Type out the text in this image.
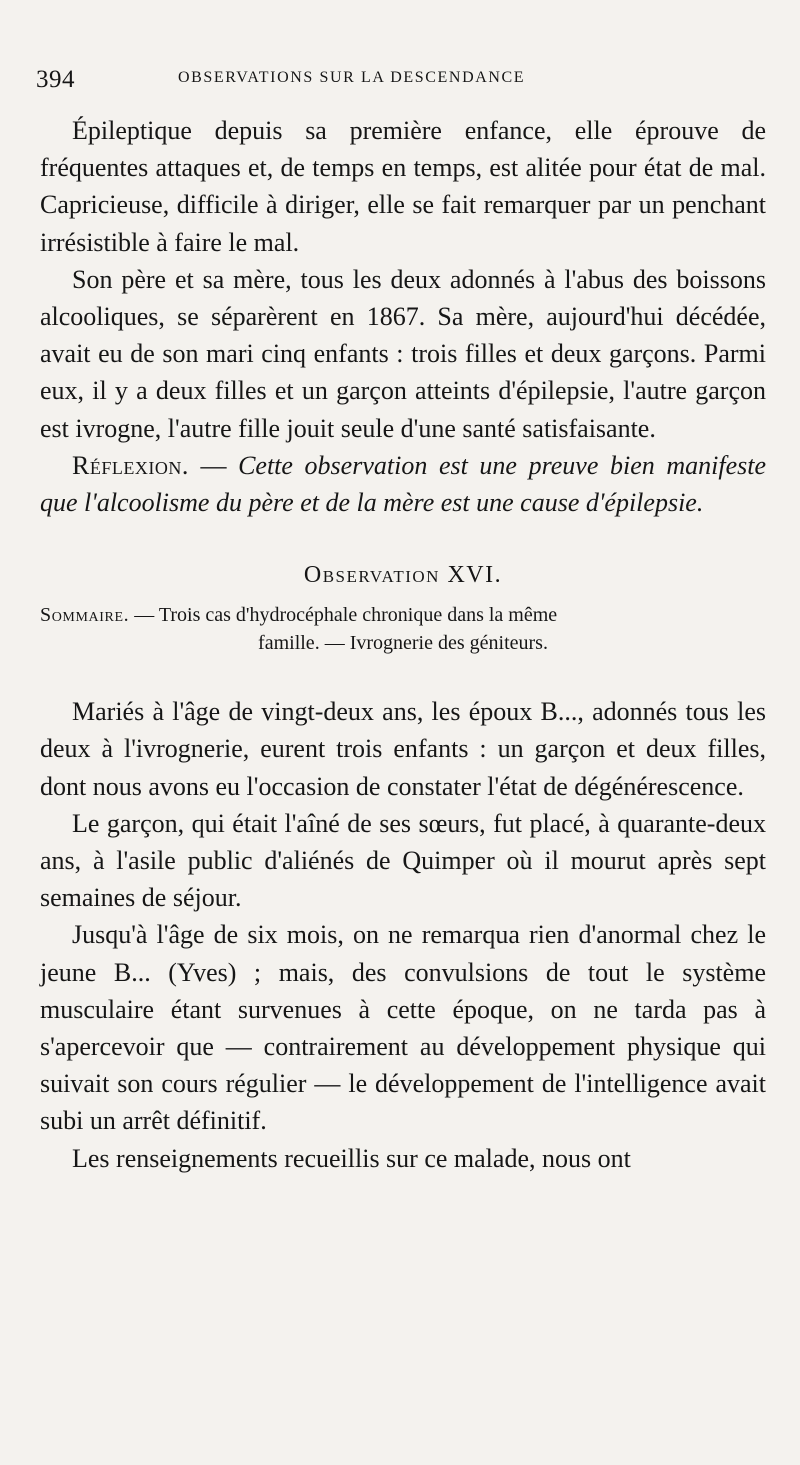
394	OBSERVATIONS SUR LA DESCENDANCE

Épileptique depuis sa première enfance, elle éprouve de fréquentes attaques et, de temps en temps, est alitée pour état de mal. Capricieuse, difficile à diriger, elle se fait remarquer par un penchant irrésistible à faire le mal.

Son père et sa mère, tous les deux adonnés à l'abus des boissons alcooliques, se séparèrent en 1867. Sa mère, aujourd'hui décédée, avait eu de son mari cinq enfants : trois filles et deux garçons. Parmi eux, il y a deux filles et un garçon atteints d'épilepsie, l'autre garçon est ivrogne, l'autre fille jouit seule d'une santé satisfaisante.

Réflexion. — Cette observation est une preuve bien manifeste que l'alcoolisme du père et de la mère est une cause d'épilepsie.

Observation XVI.

Sommaire. — Trois cas d'hydrocéphale chronique dans la même
famille. — Ivrognerie des géniteurs.

Mariés à l'âge de vingt-deux ans, les époux B..., adonnés tous les deux à l'ivrognerie, eurent trois enfants : un garçon et deux filles, dont nous avons eu l'occasion de constater l'état de dégénérescence.

Le garçon, qui était l'aîné de ses sœurs, fut placé, à quarante-deux ans, à l'asile public d'aliénés de Quimper où il mourut après sept semaines de séjour.

Jusqu'à l'âge de six mois, on ne remarqua rien d'anormal chez le jeune B... (Yves) ; mais, des convulsions de tout le système musculaire étant survenues à cette époque, on ne tarda pas à s'apercevoir que — contrairement au développement physique qui suivait son cours régulier — le développement de l'intelligence avait subi un arrêt définitif.

Les renseignements recueillis sur ce malade, nous ont
